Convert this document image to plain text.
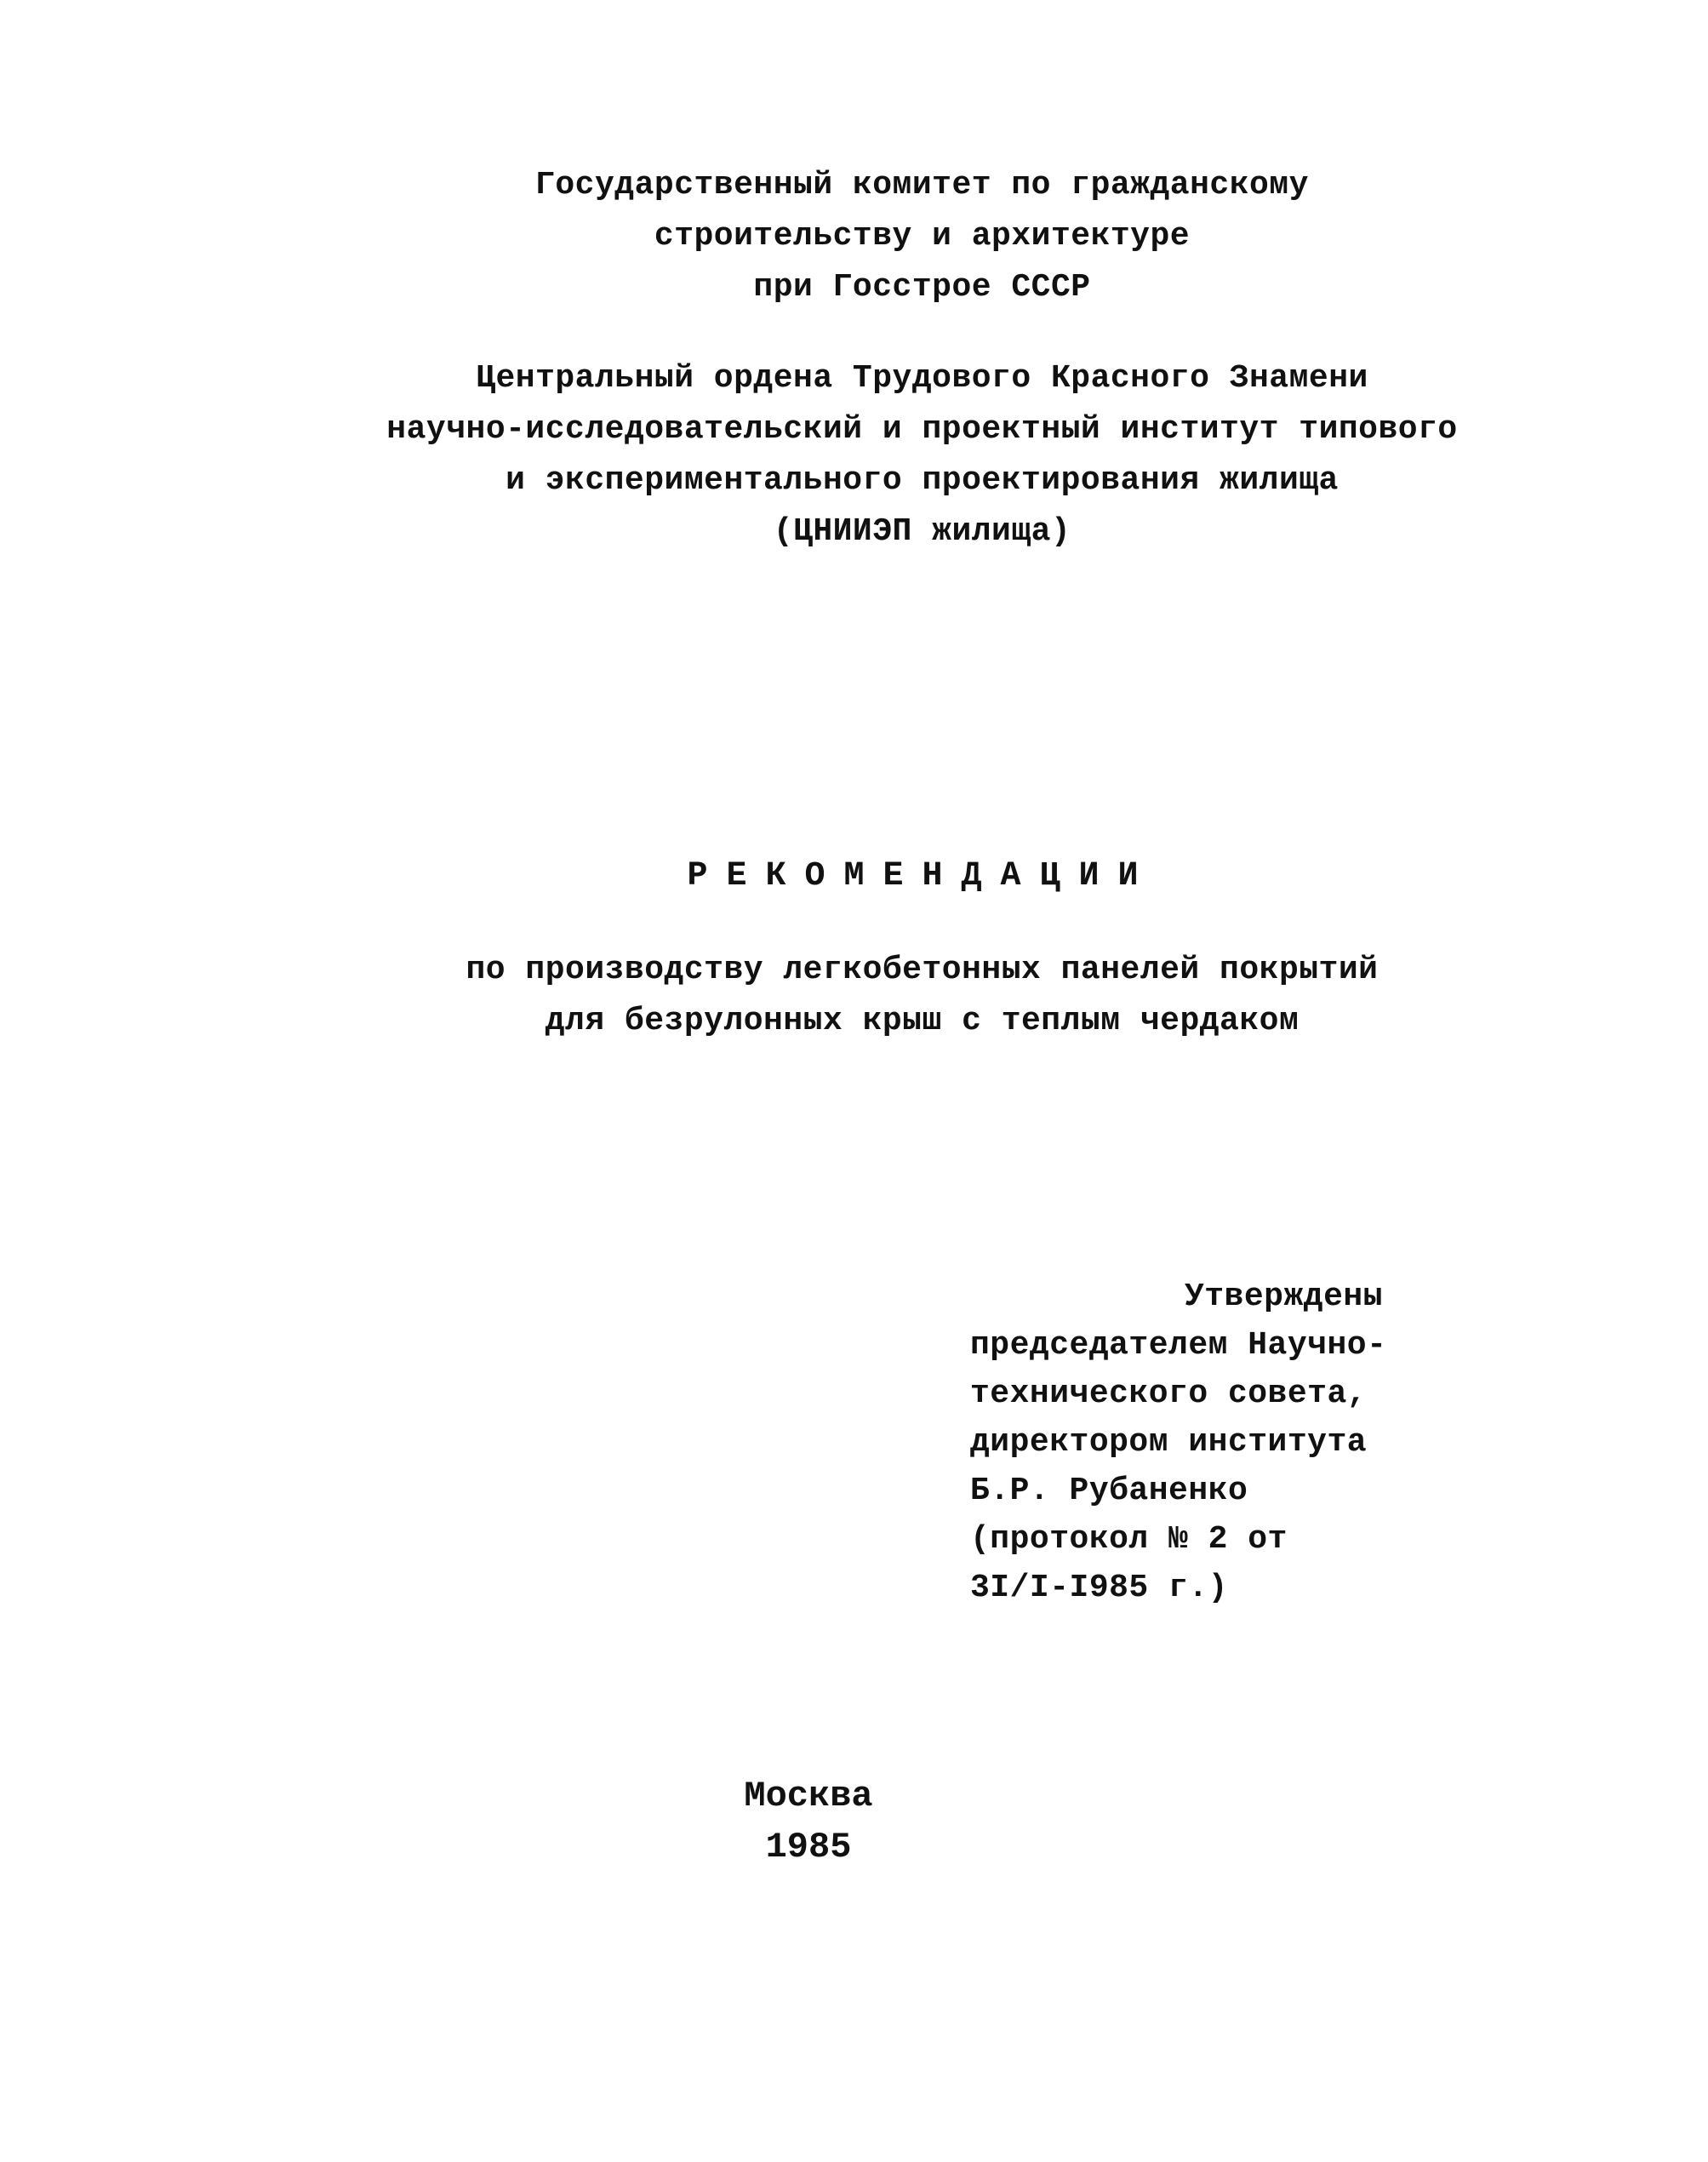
Государственный комитет по гражданскому
строительству и архитектуре
при Госстрое СССР
Центральный ордена Трудового Красного Знамени
научно-исследовательский и проектный институт типового
и экспериментального проектирования жилища
(ЦНИИЭП жилища)
РЕКОМЕНДАЦИИ
по производству легкобетонных панелей покрытий
для безрулонных крыш с теплым чердаком
Утверждены
председателем Научно-
технического совета,
директором института
Б.Р. Рубаненко
(протокол № 2 от
3I/I-I985 г.)
Москва
1985
